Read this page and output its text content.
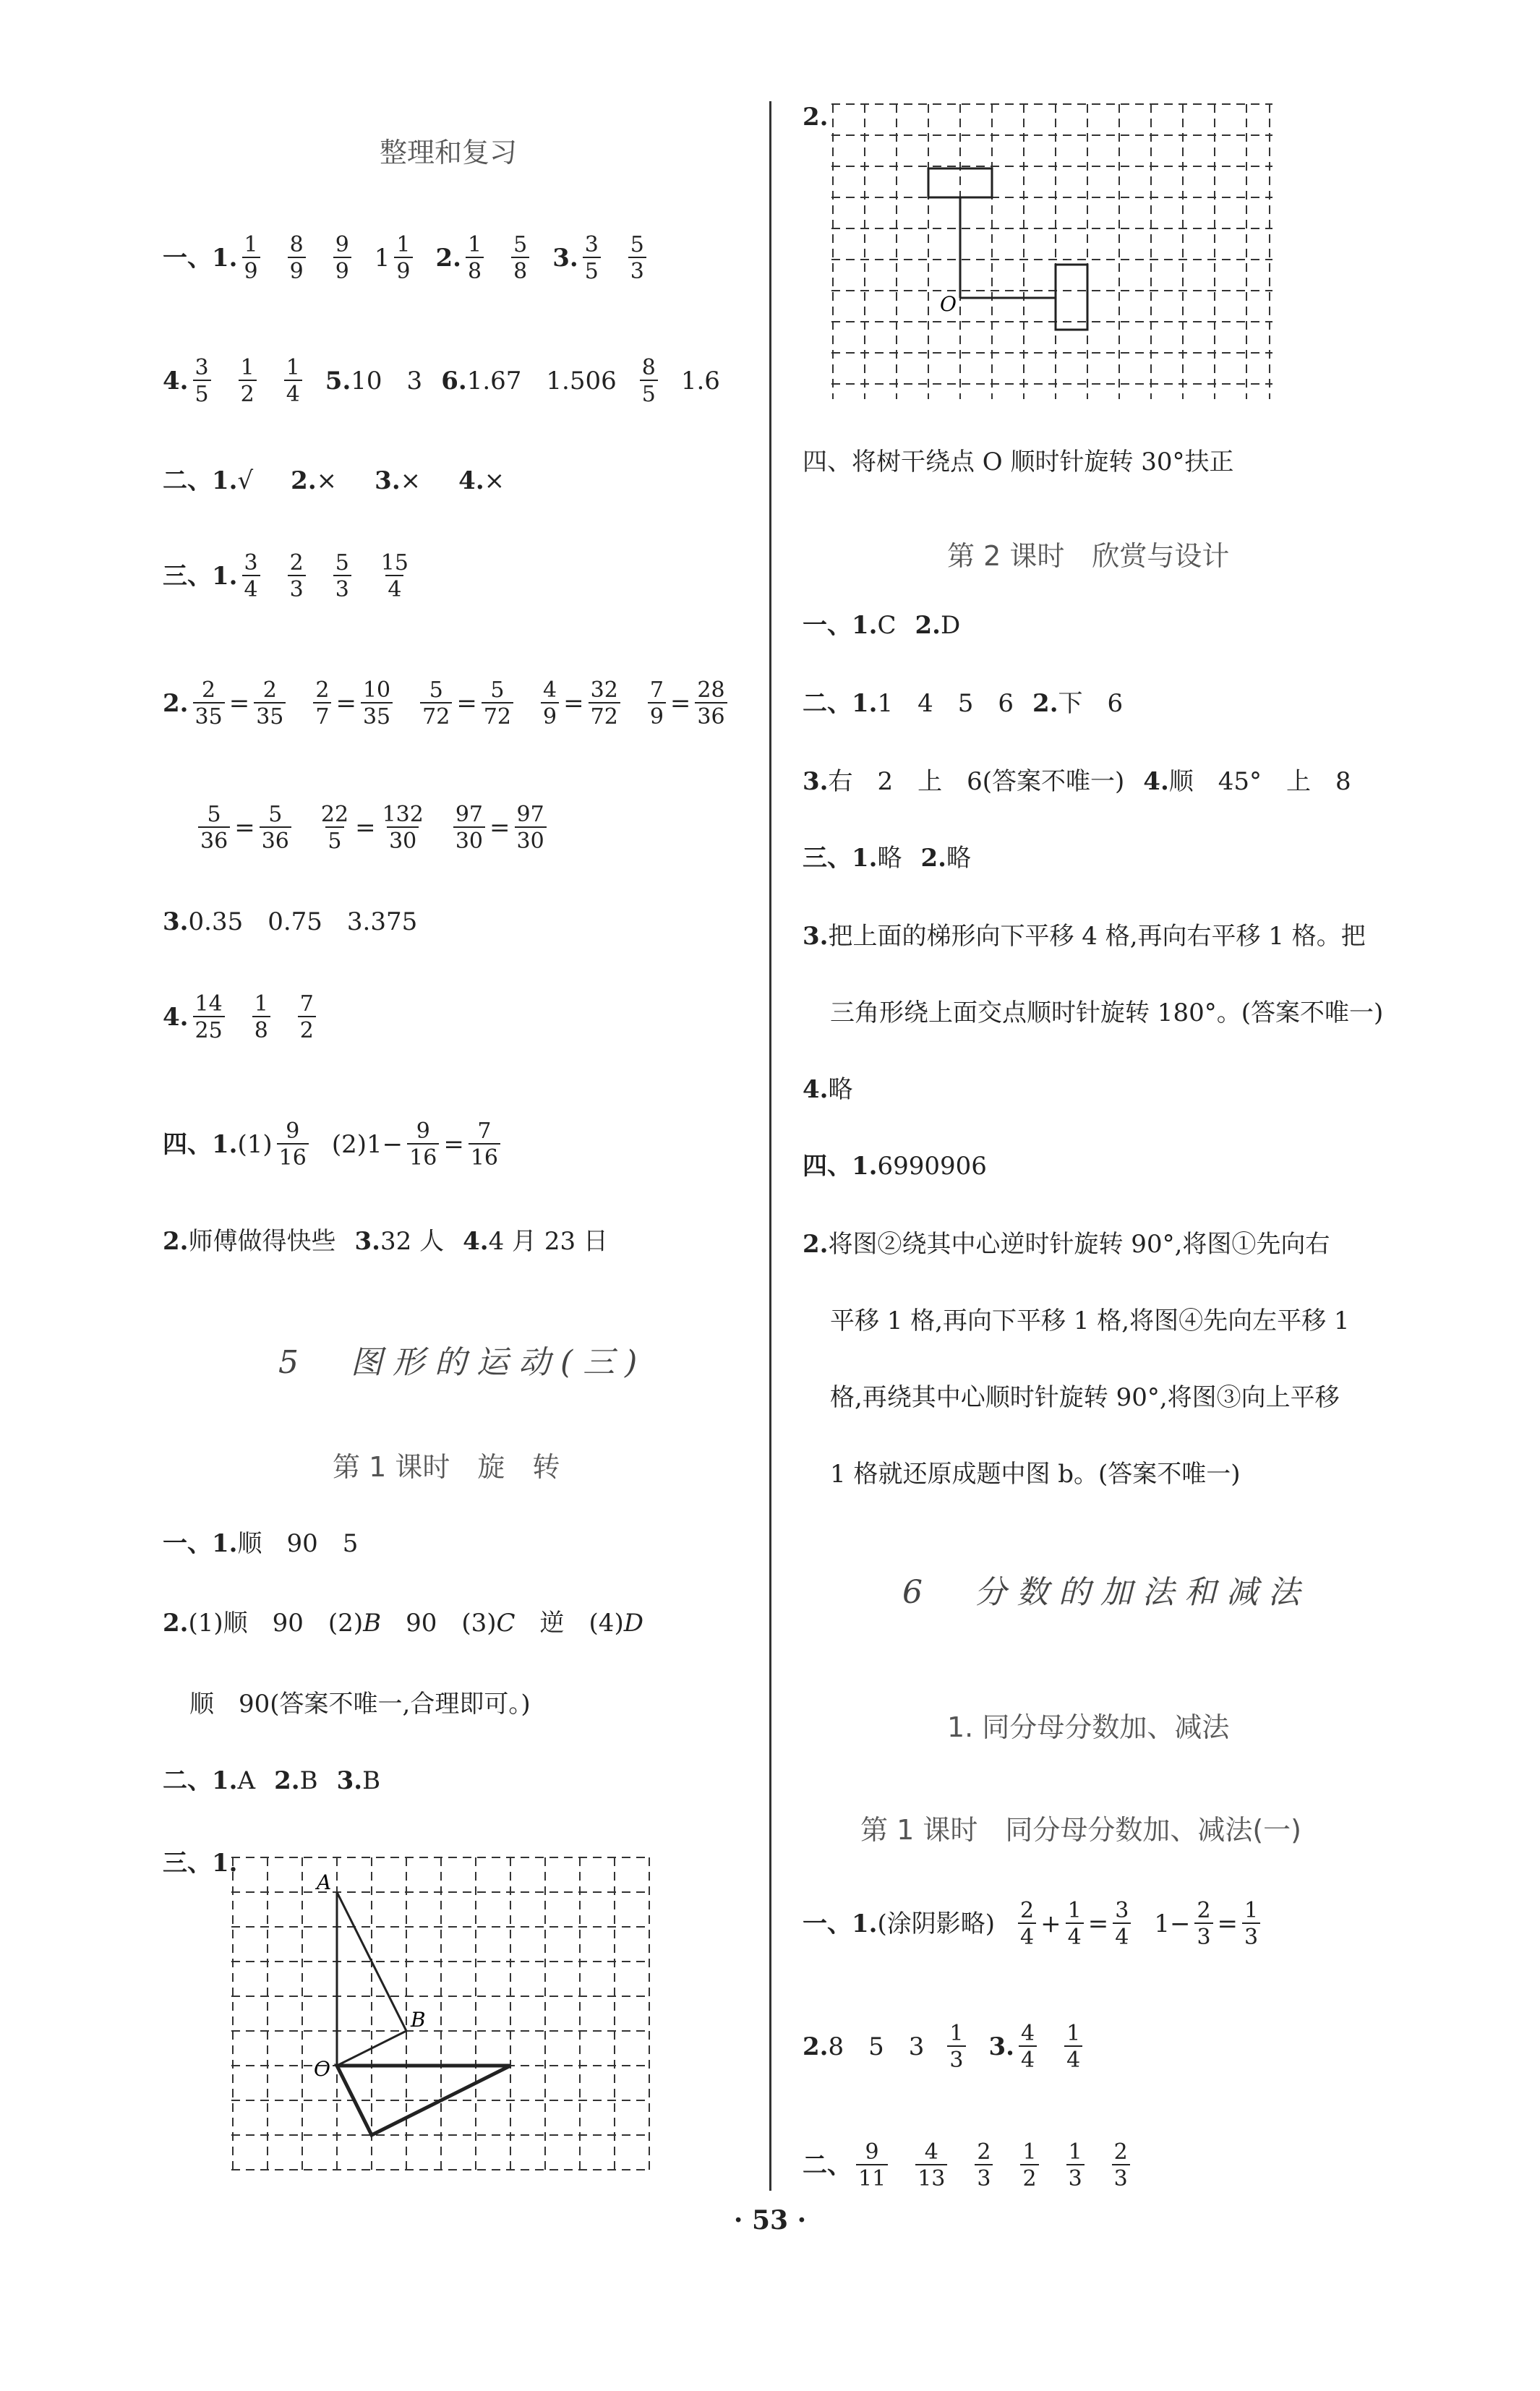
整理和复习
一、1. $\frac{1}{9} \frac{8}{9} \frac{9}{9} 1 \frac{1}{9} 2$. $\frac{1}{8} \frac{5}{8} 3$. $\frac{3}{5} \frac{5}{3}$
4. $\frac{3}{5} \frac{1}{2} \frac{1}{4} 5$. 10　3 6. 1.67　$1.506 \frac{8}{5} 1.6$
二、1. √ 2. × 3. × 4. ×
三、1. $\frac{3}{4} \frac{2}{3} \frac{5}{3} \frac{15}{4}$
2. $\frac{2}{35} = \frac{2}{35} \frac{2}{7} = \frac{10}{35} \frac{5}{72} = \frac{5}{72} \frac{4}{9} = \frac{32}{72} \frac{7}{9} = \frac{28}{36}$
$\frac{5}{36} = \frac{5}{36} \frac{22}{5} = \frac{132}{30} \frac{97}{30} = \frac{97}{30}$
3. 0.35　0.75　3.375
4. $\frac{14}{25} \frac{1}{8} \frac{7}{2}$
四、1. $(1) \frac{9}{16} (2)1- \frac{9}{16} = \frac{7}{16}$
2. 师傅做得快些 3. 32 人 4. 4 月 23 日
5　图形的运动(三)
第 1 课时　旋　转
一、1. 顺　90　5
2. (1)顺　90　(2) B 　90　(3) C 　逆　(4) D
顺　90(答案不唯一,合理即可。)
二、1. A 2. B 3. B
三、1.
A
B
O
2.
O
四、将树干绕点 O 顺时针旋转 30°扶正
第 2 课时　欣赏与设计
一、1. C 2. D
二、1. 1　4　5　6 2. 下　6
3. 右　2　上　6(答案不唯一) 4. 顺　45°　上　8
三、1. 略 2. 略
3. 把上面的梯形向下平移 4 格,再向右平移 1 格。把
三角形绕上面交点顺时针旋转 180°。(答案不唯一)
4. 略
四、1. 6990906
2. 将图②绕其中心逆时针旋转 90°,将图①先向右
平移 1 格,再向下平移 1 格,将图④先向左平移 1
格,再绕其中心顺时针旋转 90°,将图③向上平移
1 格就还原成题中图 b。(答案不唯一)
6　分数的加法和减法
1. 同分母分数加、减法
第 1 课时　同分母分数加、减法(一)
一、1. (涂阴影略) $\frac{2}{4} + \frac{1}{4} = \frac{3}{4} 1- \frac{2}{3} = \frac{1}{3}$
2. 8　5　$3 \frac{1}{3} 3$. $\frac{4}{4} \frac{1}{4}$
二、 $\frac{9}{11} \frac{4}{13} \frac{2}{3} \frac{1}{2} \frac{1}{3} \frac{2}{3}$
· 53 ·
